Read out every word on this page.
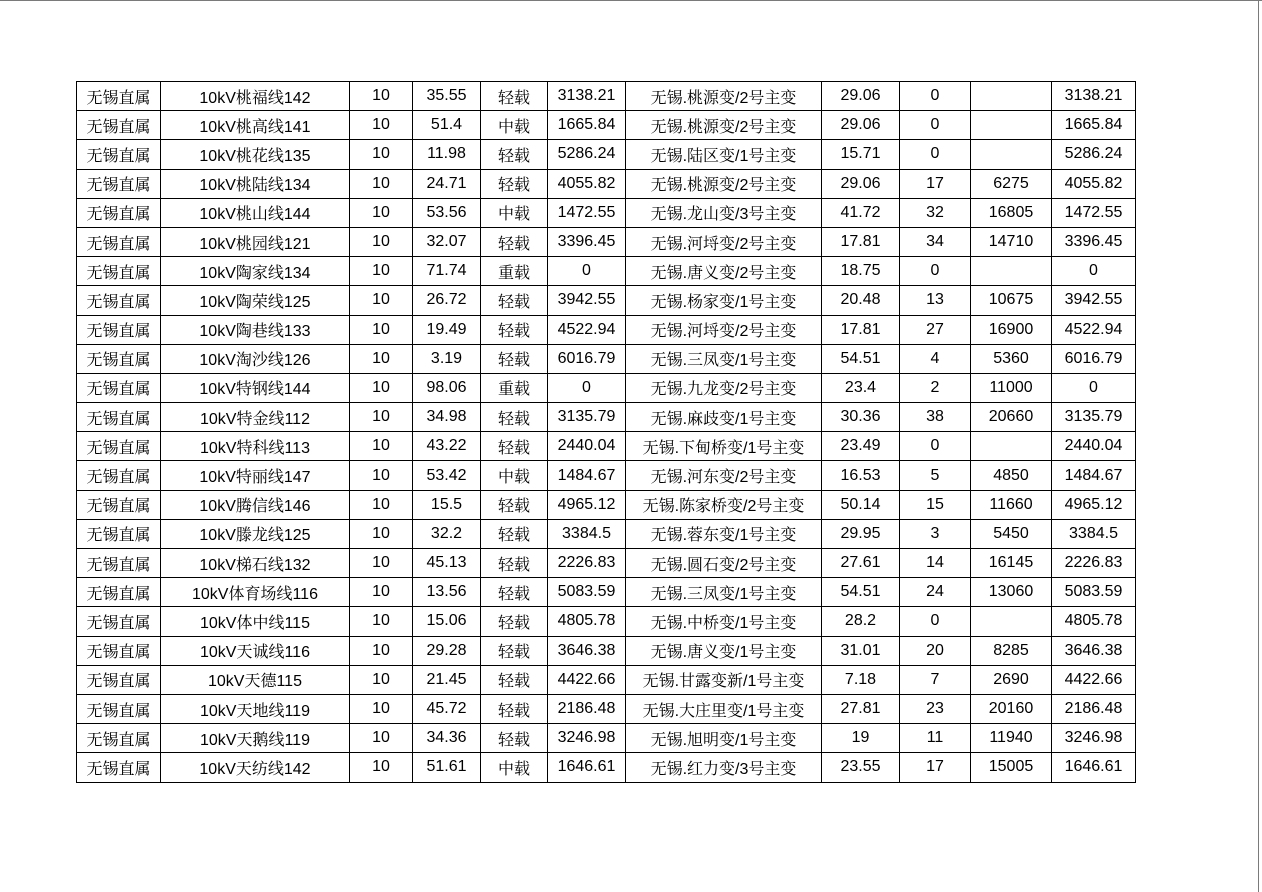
无锡直属	10kV桃福线142	10	35.55	轻载	3138.21	无锡.桃源变/2号主变	29.06	0		3138.21
无锡直属	10kV桃高线141	10	51.4	中载	1665.84	无锡.桃源变/2号主变	29.06	0		1665.84
无锡直属	10kV桃花线135	10	11.98	轻载	5286.24	无锡.陆区变/1号主变	15.71	0		5286.24
无锡直属	10kV桃陆线134	10	24.71	轻载	4055.82	无锡.桃源变/2号主变	29.06	17	6275	4055.82
无锡直属	10kV桃山线144	10	53.56	中载	1472.55	无锡.龙山变/3号主变	41.72	32	16805	1472.55
无锡直属	10kV桃园线121	10	32.07	轻载	3396.45	无锡.河埒变/2号主变	17.81	34	14710	3396.45
无锡直属	10kV陶家线134	10	71.74	重载	0	无锡.唐义变/2号主变	18.75	0		0
无锡直属	10kV陶荣线125	10	26.72	轻载	3942.55	无锡.杨家变/1号主变	20.48	13	10675	3942.55
无锡直属	10kV陶巷线133	10	19.49	轻载	4522.94	无锡.河埒变/2号主变	17.81	27	16900	4522.94
无锡直属	10kV淘沙线126	10	3.19	轻载	6016.79	无锡.三凤变/1号主变	54.51	4	5360	6016.79
无锡直属	10kV特钢线144	10	98.06	重载	0	无锡.九龙变/2号主变	23.4	2	11000	0
无锡直属	10kV特金线112	10	34.98	轻载	3135.79	无锡.麻歧变/1号主变	30.36	38	20660	3135.79
无锡直属	10kV特科线113	10	43.22	轻载	2440.04	无锡.下甸桥变/1号主变	23.49	0		2440.04
无锡直属	10kV特丽线147	10	53.42	中载	1484.67	无锡.河东变/2号主变	16.53	5	4850	1484.67
无锡直属	10kV腾信线146	10	15.5	轻载	4965.12	无锡.陈家桥变/2号主变	50.14	15	11660	4965.12
无锡直属	10kV滕龙线125	10	32.2	轻载	3384.5	无锡.蓉东变/1号主变	29.95	3	5450	3384.5
无锡直属	10kV梯石线132	10	45.13	轻载	2226.83	无锡.圆石变/2号主变	27.61	14	16145	2226.83
无锡直属	10kV体育场线116	10	13.56	轻载	5083.59	无锡.三凤变/1号主变	54.51	24	13060	5083.59
无锡直属	10kV体中线115	10	15.06	轻载	4805.78	无锡.中桥变/1号主变	28.2	0		4805.78
无锡直属	10kV天诚线116	10	29.28	轻载	3646.38	无锡.唐义变/1号主变	31.01	20	8285	3646.38
无锡直属	10kV天德115	10	21.45	轻载	4422.66	无锡.甘露变新/1号主变	7.18	7	2690	4422.66
无锡直属	10kV天地线119	10	45.72	轻载	2186.48	无锡.大庄里变/1号主变	27.81	23	20160	2186.48
无锡直属	10kV天鹅线119	10	34.36	轻载	3246.98	无锡.旭明变/1号主变	19	11	11940	3246.98
无锡直属	10kV天纺线142	10	51.61	中载	1646.61	无锡.红力变/3号主变	23.55	17	15005	1646.61
